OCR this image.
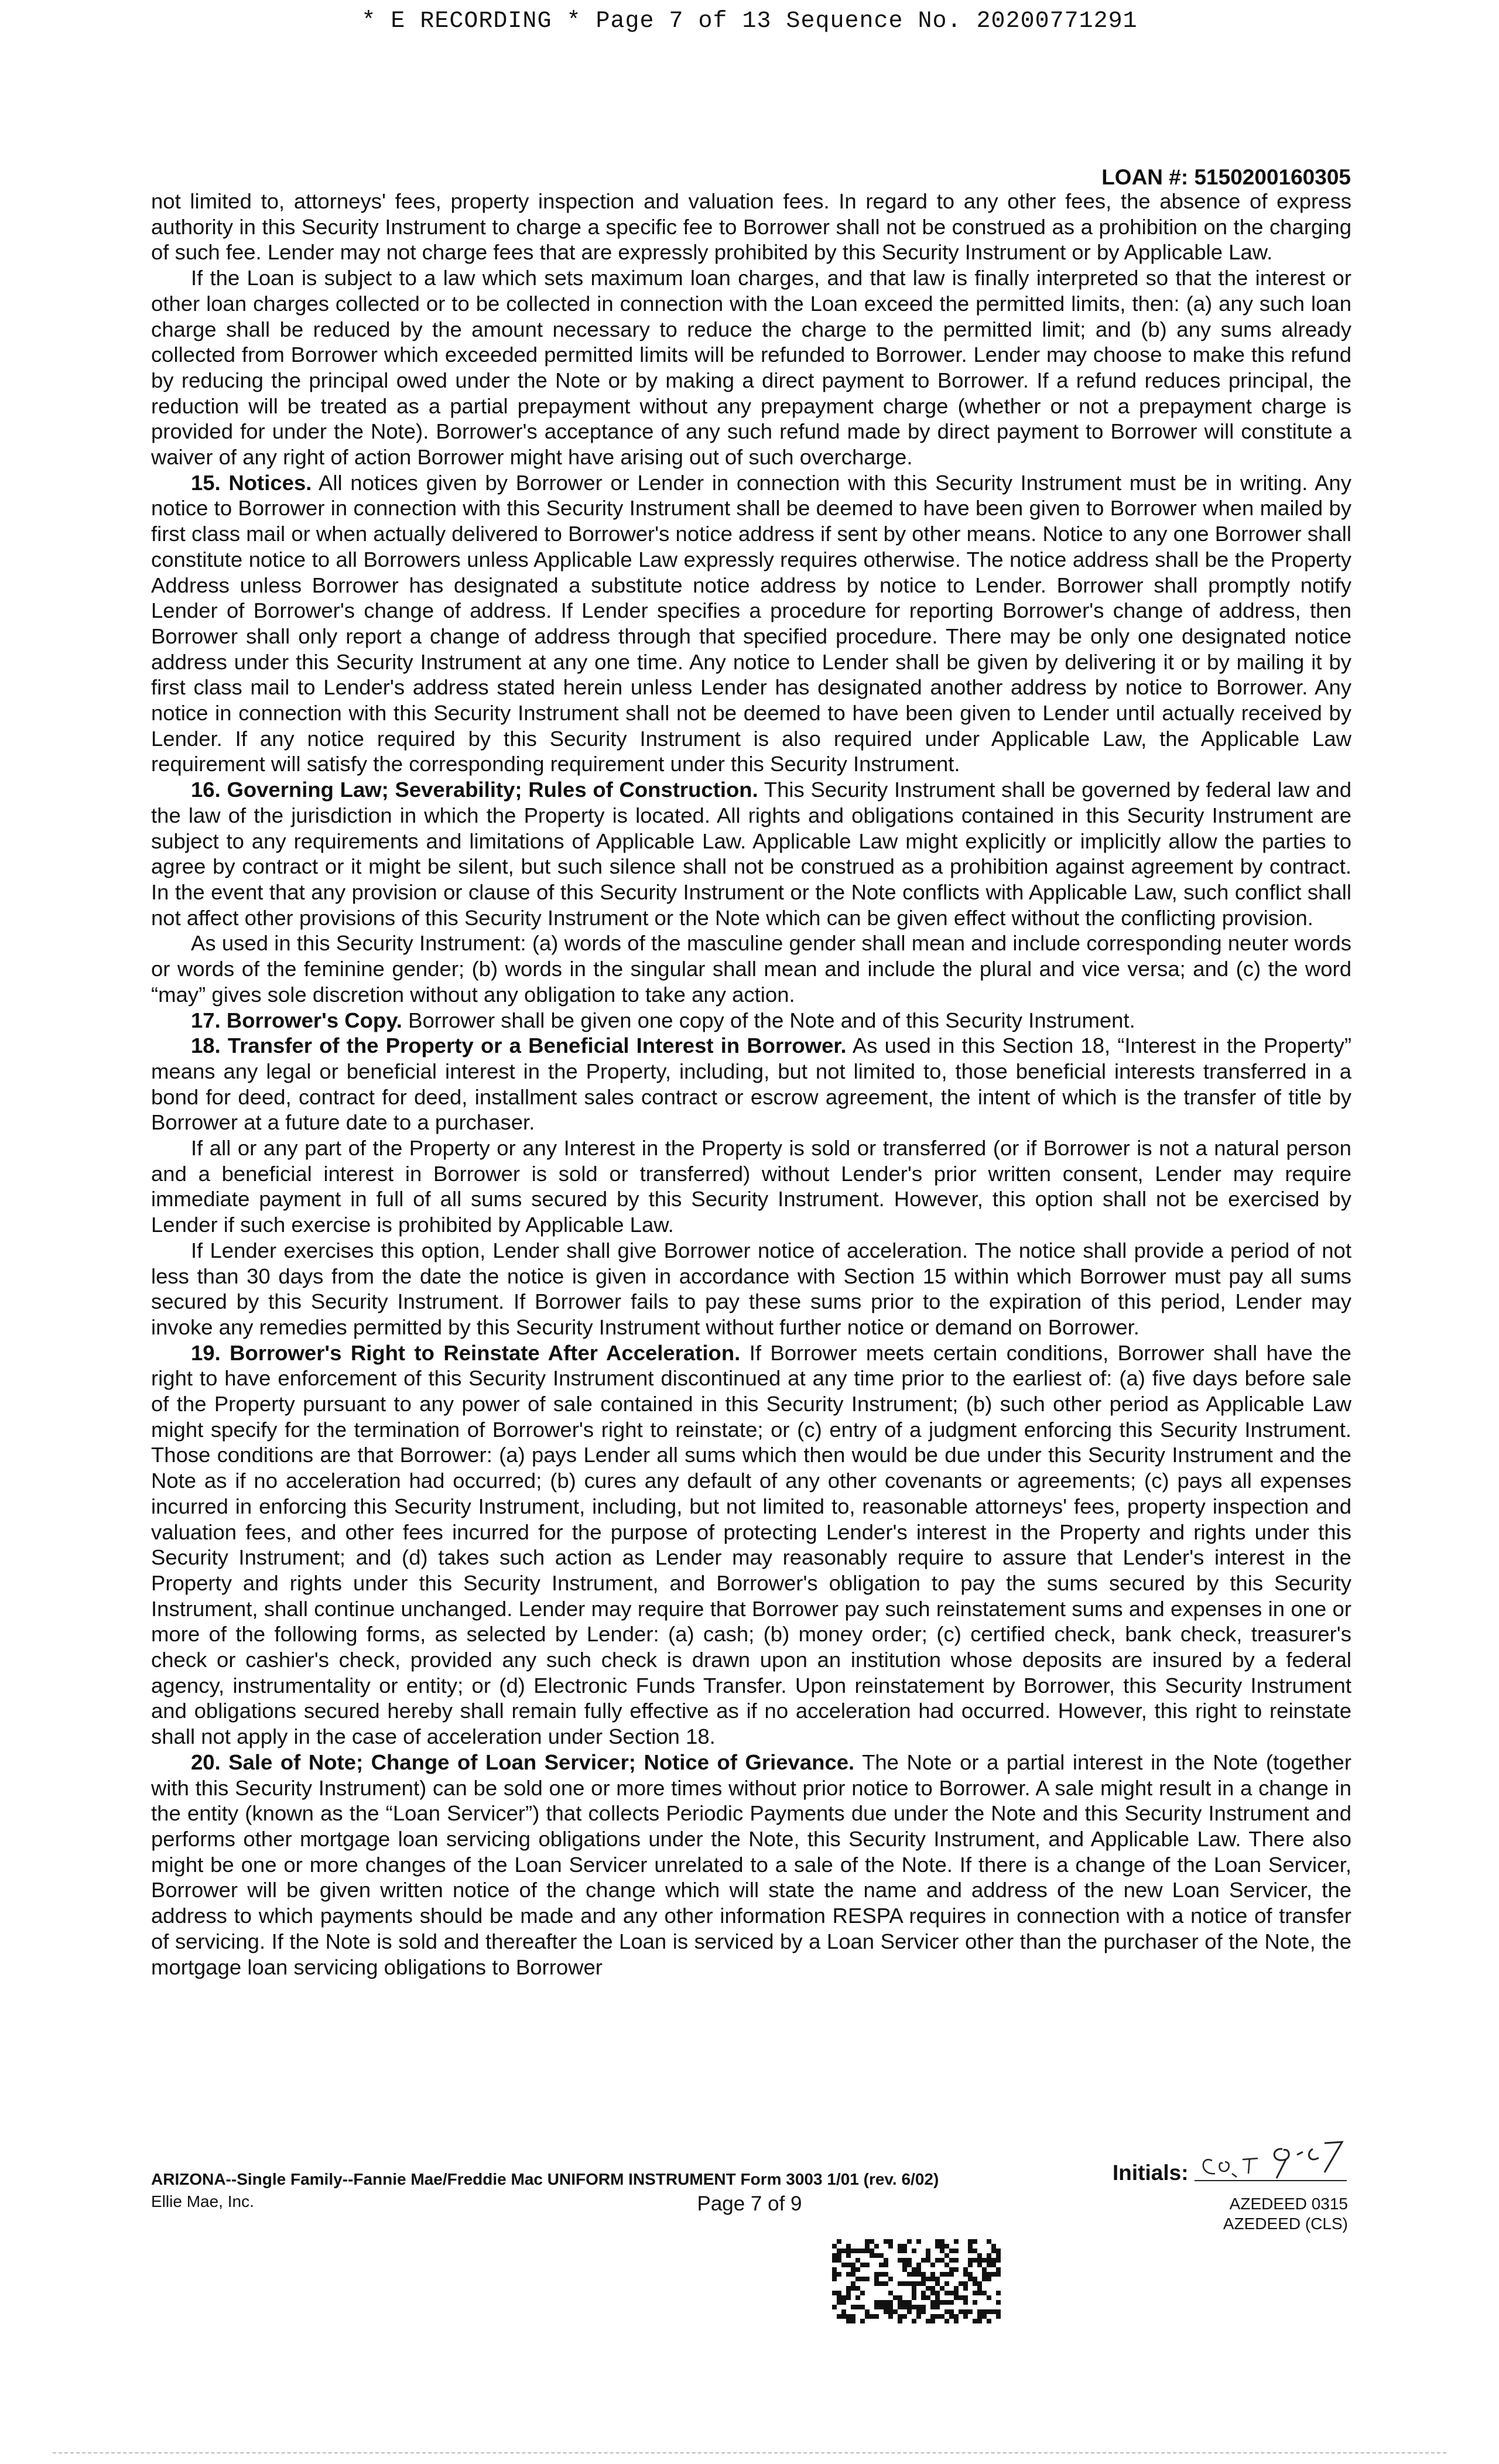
* E RECORDING * Page 7 of 13 Sequence No. 20200771291
LOAN #: 5150200160305

not limited to, attorneys' fees, property inspection and valuation fees. In regard to any other fees, the absence of express authority in this Security Instrument to charge a specific fee to Borrower shall not be construed as a prohibition on the charging of such fee. Lender may not charge fees that are expressly prohibited by this Security Instrument or by Applicable Law.

If the Loan is subject to a law which sets maximum loan charges, and that law is finally interpreted so that the interest or other loan charges collected or to be collected in connection with the Loan exceed the permitted limits, then: (a) any such loan charge shall be reduced by the amount necessary to reduce the charge to the permitted limit; and (b) any sums already collected from Borrower which exceeded permitted limits will be refunded to Borrower. Lender may choose to make this refund by reducing the principal owed under the Note or by making a direct payment to Borrower. If a refund reduces principal, the reduction will be treated as a partial prepayment without any prepayment charge (whether or not a prepayment charge is provided for under the Note). Borrower's acceptance of any such refund made by direct payment to Borrower will constitute a waiver of any right of action Borrower might have arising out of such overcharge.

15. Notices. All notices given by Borrower or Lender in connection with this Security Instrument must be in writing. Any notice to Borrower in connection with this Security Instrument shall be deemed to have been given to Borrower when mailed by first class mail or when actually delivered to Borrower's notice address if sent by other means. Notice to any one Borrower shall constitute notice to all Borrowers unless Applicable Law expressly requires otherwise. The notice address shall be the Property Address unless Borrower has designated a substitute notice address by notice to Lender. Borrower shall promptly notify Lender of Borrower's change of address. If Lender specifies a procedure for reporting Borrower's change of address, then Borrower shall only report a change of address through that specified procedure. There may be only one designated notice address under this Security Instrument at any one time. Any notice to Lender shall be given by delivering it or by mailing it by first class mail to Lender's address stated herein unless Lender has designated another address by notice to Borrower. Any notice in connection with this Security Instrument shall not be deemed to have been given to Lender until actually received by Lender. If any notice required by this Security Instrument is also required under Applicable Law, the Applicable Law requirement will satisfy the corresponding requirement under this Security Instrument.

16. Governing Law; Severability; Rules of Construction. This Security Instrument shall be governed by federal law and the law of the jurisdiction in which the Property is located. All rights and obligations contained in this Security Instrument are subject to any requirements and limitations of Applicable Law. Applicable Law might explicitly or implicitly allow the parties to agree by contract or it might be silent, but such silence shall not be construed as a prohibition against agreement by contract. In the event that any provision or clause of this Security Instrument or the Note conflicts with Applicable Law, such conflict shall not affect other provisions of this Security Instrument or the Note which can be given effect without the conflicting provision.

As used in this Security Instrument: (a) words of the masculine gender shall mean and include corresponding neuter words or words of the feminine gender; (b) words in the singular shall mean and include the plural and vice versa; and (c) the word “may” gives sole discretion without any obligation to take any action.

17. Borrower's Copy. Borrower shall be given one copy of the Note and of this Security Instrument.

18. Transfer of the Property or a Beneficial Interest in Borrower. As used in this Section 18, “Interest in the Property” means any legal or beneficial interest in the Property, including, but not limited to, those beneficial interests transferred in a bond for deed, contract for deed, installment sales contract or escrow agreement, the intent of which is the transfer of title by Borrower at a future date to a purchaser.

If all or any part of the Property or any Interest in the Property is sold or transferred (or if Borrower is not a natural person and a beneficial interest in Borrower is sold or transferred) without Lender's prior written consent, Lender may require immediate payment in full of all sums secured by this Security Instrument. However, this option shall not be exercised by Lender if such exercise is prohibited by Applicable Law.

If Lender exercises this option, Lender shall give Borrower notice of acceleration. The notice shall provide a period of not less than 30 days from the date the notice is given in accordance with Section 15 within which Borrower must pay all sums secured by this Security Instrument. If Borrower fails to pay these sums prior to the expiration of this period, Lender may invoke any remedies permitted by this Security Instrument without further notice or demand on Borrower.

19. Borrower's Right to Reinstate After Acceleration. If Borrower meets certain conditions, Borrower shall have the right to have enforcement of this Security Instrument discontinued at any time prior to the earliest of: (a) five days before sale of the Property pursuant to any power of sale contained in this Security Instrument; (b) such other period as Applicable Law might specify for the termination of Borrower's right to reinstate; or (c) entry of a judgment enforcing this Security Instrument. Those conditions are that Borrower: (a) pays Lender all sums which then would be due under this Security Instrument and the Note as if no acceleration had occurred; (b) cures any default of any other covenants or agreements; (c) pays all expenses incurred in enforcing this Security Instrument, including, but not limited to, reasonable attorneys' fees, property inspection and valuation fees, and other fees incurred for the purpose of protecting Lender's interest in the Property and rights under this Security Instrument; and (d) takes such action as Lender may reasonably require to assure that Lender's interest in the Property and rights under this Security Instrument, and Borrower's obligation to pay the sums secured by this Security Instrument, shall continue unchanged. Lender may require that Borrower pay such reinstatement sums and expenses in one or more of the following forms, as selected by Lender: (a) cash; (b) money order; (c) certified check, bank check, treasurer's check or cashier's check, provided any such check is drawn upon an institution whose deposits are insured by a federal agency, instrumentality or entity; or (d) Electronic Funds Transfer. Upon reinstatement by Borrower, this Security Instrument and obligations secured hereby shall remain fully effective as if no acceleration had occurred. However, this right to reinstate shall not apply in the case of acceleration under Section 18.

20. Sale of Note; Change of Loan Servicer; Notice of Grievance. The Note or a partial interest in the Note (together with this Security Instrument) can be sold one or more times without prior notice to Borrower. A sale might result in a change in the entity (known as the “Loan Servicer”) that collects Periodic Payments due under the Note and this Security Instrument and performs other mortgage loan servicing obligations under the Note, this Security Instrument, and Applicable Law. There also might be one or more changes of the Loan Servicer unrelated to a sale of the Note. If there is a change of the Loan Servicer, Borrower will be given written notice of the change which will state the name and address of the new Loan Servicer, the address to which payments should be made and any other information RESPA requires in connection with a notice of transfer of servicing. If the Note is sold and thereafter the Loan is serviced by a Loan Servicer other than the purchaser of the Note, the mortgage loan servicing obligations to Borrower

ARIZONA--Single Family--Fannie Mae/Freddie Mac UNIFORM INSTRUMENT Form 3003 1/01 (rev. 6/02)
Ellie Mae, Inc.	Page 7 of 9
Initials:
AZEDEED 0315
AZEDEED (CLS)
